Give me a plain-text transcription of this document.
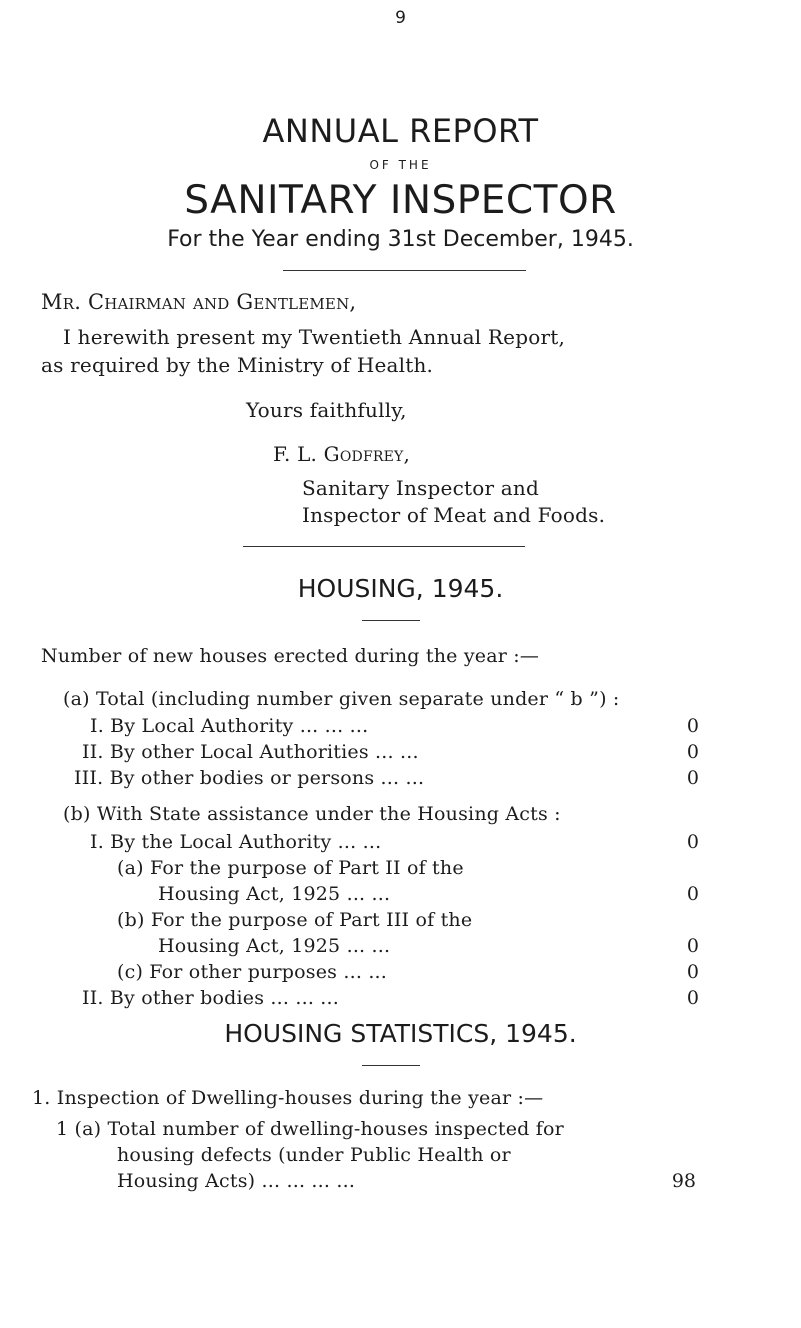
9
ANNUAL REPORT
OF THE
SANITARY INSPECTOR
For the Year ending 31st December, 1945.
Mr. Chairman and Gentlemen,
I herewith present my Twentieth Annual Report,
as required by the Ministry of Health.
Yours faithfully,
F. L. Godfrey,
Sanitary Inspector and
Inspector of Meat and Foods.
HOUSING, 1945.
Number of new houses erected during the year :—
(a) Total (including number given separate under “ b ”) :
I. By Local Authority ... ... ...	0
II. By other Local Authorities ... ...	0
III. By other bodies or persons ... ...	0
(b) With State assistance under the Housing Acts :
I. By the Local Authority ... ...	0
(a) For the purpose of Part II of the
Housing Act, 1925 ... ...	0
(b) For the purpose of Part III of the
Housing Act, 1925 ... ...	0
(c) For other purposes ... ...	0
II. By other bodies ... ... ...	0
HOUSING STATISTICS, 1945.
1. Inspection of Dwelling-houses during the year :—
1 (a) Total number of dwelling-houses inspected for
housing defects (under Public Health or
Housing Acts) ... ... ... ...	98
